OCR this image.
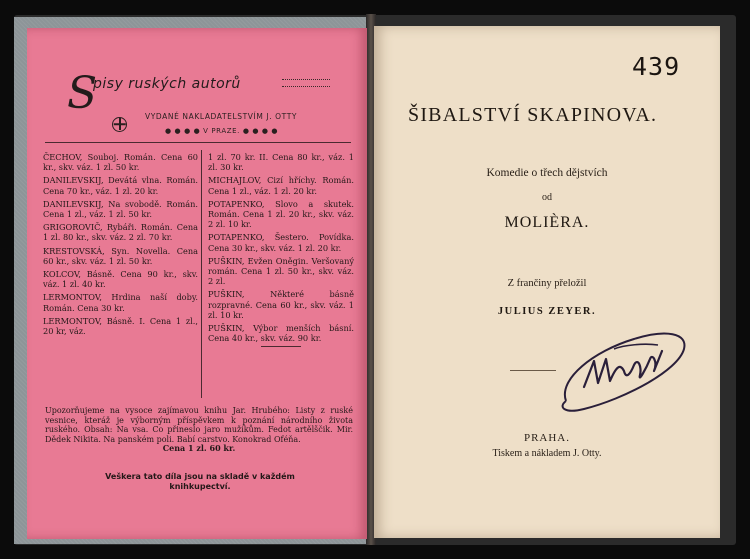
S
pisy ruských autorů
VYDANÉ NAKLADATELSTVÍM J. OTTY
● ● ● ● V PRAZE. ● ● ● ●
ČECHOV, Souboj. Román. Cena 60 kr., skv. váz. 1 zl. 50 kr.
DANILEVSKIJ, Devátá vlna. Román. Cena 70 kr., váz. 1 zl. 20 kr.
DANILEVSKIJ, Na svobodě. Román. Cena 1 zl., váz. 1 zl. 50 kr.
GRIGOROVIČ, Rybáři. Román. Cena 1 zl. 80 kr., skv. váz. 2 zl. 70 kr.
KRESTOVSKÁ, Syn. Novella. Cena 60 kr., skv. váz. 1 zl. 50 kr.
KOLCOV, Básně. Cena 90 kr., skv. váz. 1 zl. 40 kr.
LERMONTOV, Hrdina naší doby. Román. Cena 30 kr.
LERMONTOV, Básně. I. Cena 1 zl., 20 kr, váz.
1 zl. 70 kr. II. Cena 80 kr., váz. 1 zl. 30 kr.
MICHAJLOV, Cizí hříchy. Román. Cena 1 zl., váz. 1 zl. 20 kr.
POTAPENKO, Slovo a skutek. Román. Cena 1 zl. 20 kr., skv. váz. 2 zl. 10 kr.
POTAPENKO, Šestero. Povídka. Cena 30 kr., skv. váz. 1 zl. 20 kr.
PUŠKIN, Evžen Oněgin. Veršovaný román. Cena 1 zl. 50 kr., skv. váz. 2 zl.
PUŠKIN, Některé básně rozpravné. Cena 60 kr., skv. váz. 1 zl. 10 kr.
PUŠKIN, Výbor menších básní. Cena 40 kr., skv. váz. 90 kr.
Upozorňujeme na vysoce zajímavou knihu Jar. Hrubého: Listy z ruské vesnice, kteráž je výborným příspěvkem k poznání národního života ruského. Obsah: Na vsa. Co přineslo jaro mužíkům. Fedot artělščik. Mir. Dědek Nikita. Na panském poli. Babí carstvo. Konokrad Oféňa.
Cena 1 zl. 60 kr.
Veškera tato díla jsou na skladě v každém knihkupectví.
439
ŠIBALSTVÍ SKAPINOVA.
Komedie o třech dějstvích
od
MOLIÈRA.
Z frančiny přeložil
JULIUS ZEYER.
PRAHA.
Tiskem a nákladem J. Otty.
